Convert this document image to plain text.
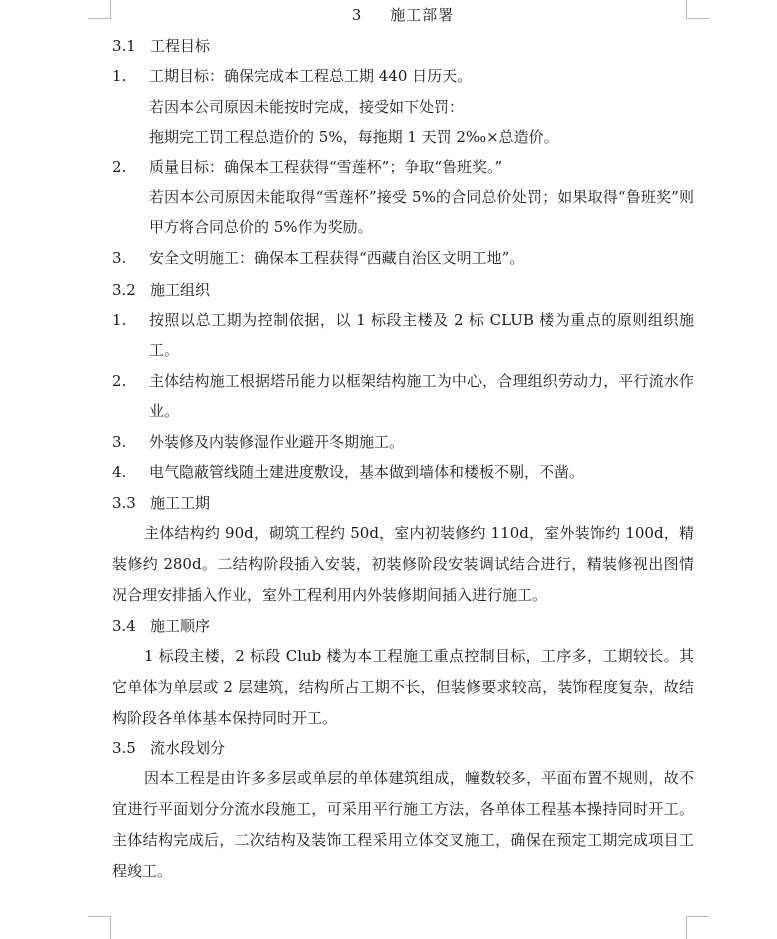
3 施工部署
3.1 工程目标
1. 工期目标：确保完成本工程总工期 440 日历天。
若因本公司原因未能按时完成，接受如下处罚：
拖期完工罚工程总造价的 5%，每拖期 1 天罚 2‰×总造价。
2. 质量目标：确保本工程获得“雪莲杯”；争取“鲁班奖。”
若因本公司原因未能取得“雪莲杯”接受 5%的合同总价处罚；如果取得“鲁班奖”则甲方将合同总价的 5%作为奖励。
3. 安全文明施工：确保本工程获得“西藏自治区文明工地”。
3.2 施工组织
1. 按照以总工期为控制依据，以 1 标段主楼及 2 标 CLUB 楼为重点的原则组织施工。
2. 主体结构施工根据塔吊能力以框架结构施工为中心，合理组织劳动力，平行流水作业。
3. 外装修及内装修湿作业避开冬期施工。
4. 电气隐蔽管线随土建进度敷设，基本做到墙体和楼板不剔，不凿。
3.3 施工工期
主体结构约 90d，砌筑工程约 50d，室内初装修约 110d，室外装饰约 100d，精装修约 280d。二结构阶段插入安装，初装修阶段安装调试结合进行，精装修视出图情况合理安排插入作业，室外工程利用内外装修期间插入进行施工。
3.4 施工顺序
1 标段主楼，2 标段 Club 楼为本工程施工重点控制目标，工序多，工期较长。其它单体为单层或 2 层建筑，结构所占工期不长，但装修要求较高，装饰程度复杂，故结构阶段各单体基本保持同时开工。
3.5 流水段划分
因本工程是由许多多层或单层的单体建筑组成，幢数较多，平面布置不规则，故不宜进行平面划分分流水段施工，可采用平行施工方法，各单体工程基本操持同时开工。主体结构完成后，二次结构及装饰工程采用立体交叉施工，确保在预定工期完成项目工程竣工。
